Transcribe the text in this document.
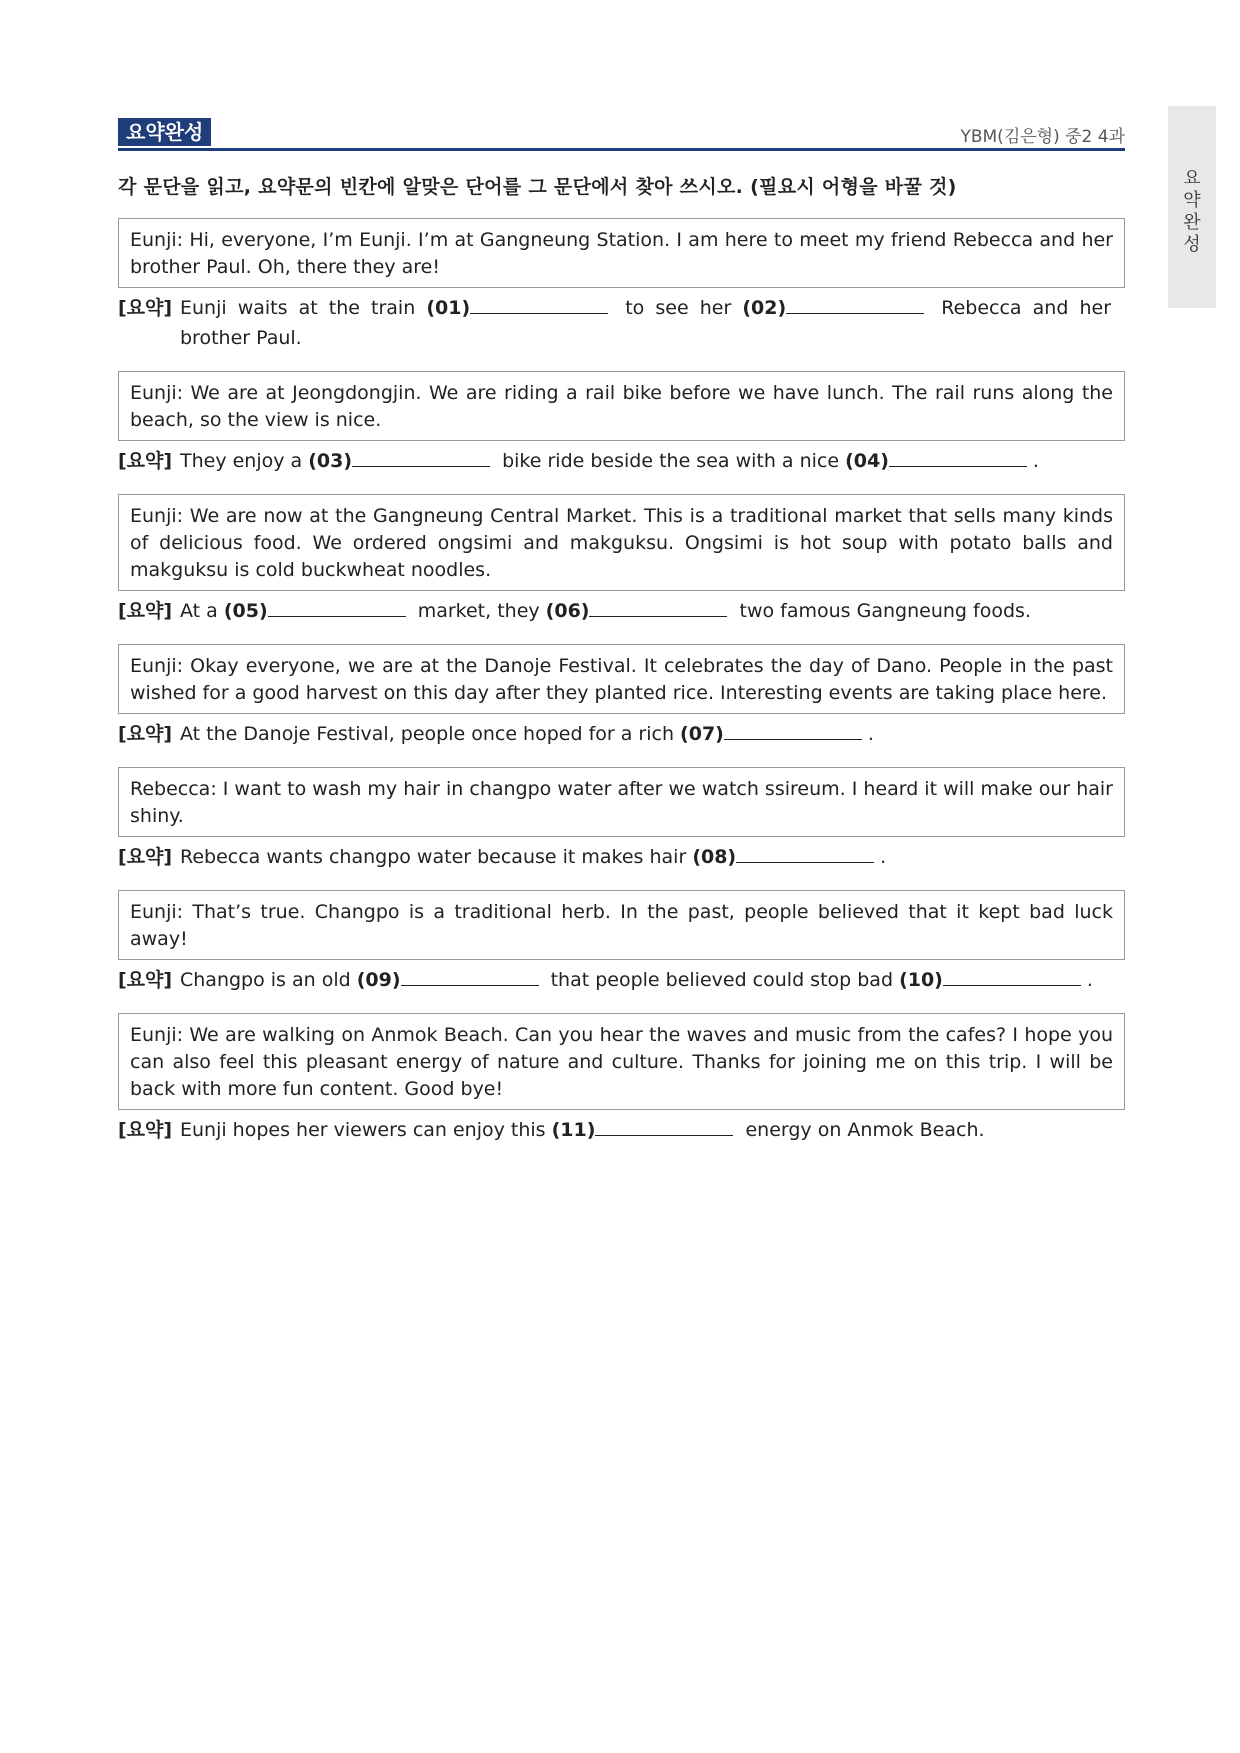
요약완성	YBM(김은형) 중2 4과
요
약
완
성
각 문단을 읽고, 요약문의 빈칸에 알맞은 단어를 그 문단에서 찾아 쓰시오. (필요시 어형을 바꿀 것)
Eunji: Hi, everyone, I’m Eunji. I’m at Gangneung Station. I am here to meet my friend Rebecca and her brother Paul. Oh, there they are!
[요약] Eunji waits at the train (01)	to see her (02)	Rebecca and her brother Paul.
Eunji: We are at Jeongdongjin. We are riding a rail bike before we have lunch. The rail runs along the beach, so the view is nice.
[요약] They enjoy a (03)	bike ride beside the sea with a nice (04)	.
Eunji: We are now at the Gangneung Central Market. This is a traditional market that sells many kinds of delicious food. We ordered ongsimi and makguksu. Ongsimi is hot soup with potato balls and makguksu is cold buckwheat noodles.
[요약] At a (05)	market, they (06)	two famous Gangneung foods.
Eunji: Okay everyone, we are at the Danoje Festival. It celebrates the day of Dano. People in the past wished for a good harvest on this day after they planted rice. Interesting events are taking place here.
[요약] At the Danoje Festival, people once hoped for a rich (07)	.
Rebecca: I want to wash my hair in changpo water after we watch ssireum. I heard it will make our hair shiny.
[요약] Rebecca wants changpo water because it makes hair (08)	.
Eunji: That’s true. Changpo is a traditional herb. In the past, people believed that it kept bad luck away!
[요약] Changpo is an old (09)	that people believed could stop bad (10)	.
Eunji: We are walking on Anmok Beach. Can you hear the waves and music from the cafes? I hope you can also feel this pleasant energy of nature and culture. Thanks for joining me on this trip. I will be back with more fun content. Good bye!
[요약] Eunji hopes her viewers can enjoy this (11)	energy on Anmok Beach.
